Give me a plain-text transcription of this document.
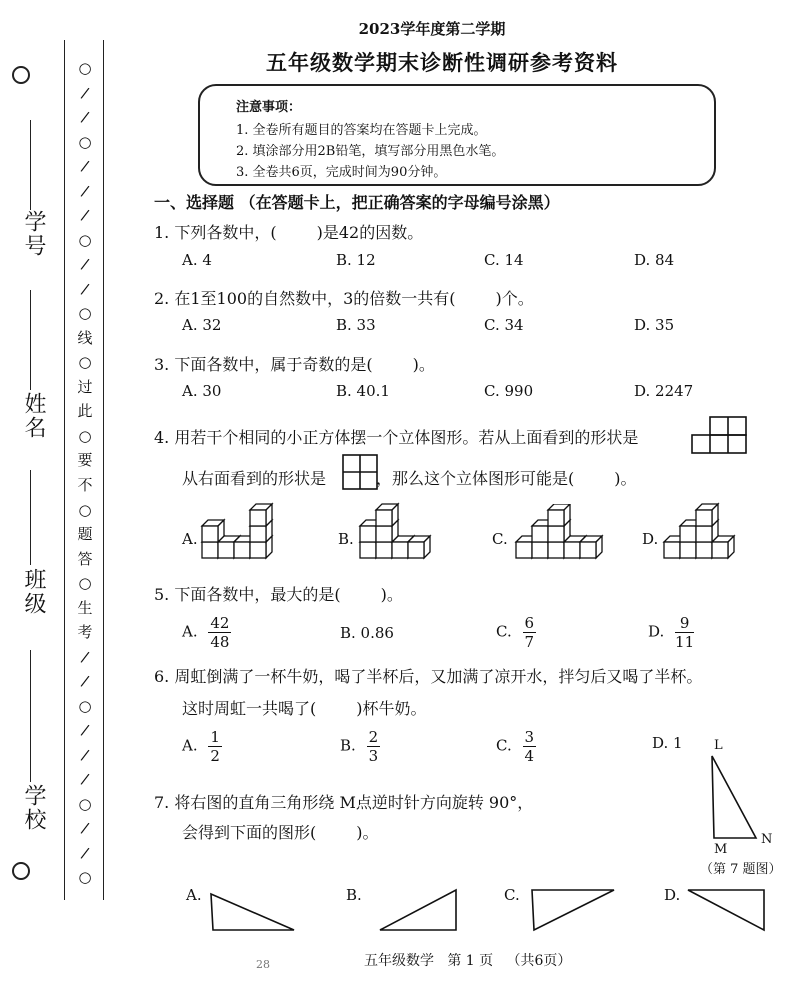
学号
姓名
班级
学校
○
/
/
○
/
/
/
○
/
/
○
线
○
过
此
○
要
不
○
题
答
○
生
考
/
/
○
/
/
/
○
/
/
○
2023学年度第二学期
五年级数学期末诊断性调研参考资料
注意事项：
1. 全卷所有题目的答案均在答题卡上完成。
2. 填涂部分用2B铅笔，填写部分用黑色水笔。
3. 全卷共6页，完成时间为90分钟。
一、选择题 （在答题卡上，把正确答案的字母编号涂黑）
1. 下列各数中，(	)是42的因数。
A. 4	B. 12	C. 14	D. 84
2. 在1至100的自然数中，3的倍数一共有(	)个。
A. 32	B. 33	C. 34	D. 35
3. 下面各数中，属于奇数的是(	)。
A. 30	B. 40.1	C. 990	D. 2247
4. 用若干个相同的小正方体摆一个立体图形。若从上面看到的形状是
从右面看到的形状是	，那么这个立体图形可能是(	)。
A.	B.	C.	D.
5. 下面各数中，最大的是(	)。
A. $\frac{42}{48}$	B. 0.86	C. $\frac{6}{7}$	D. $\frac{9}{11}$
6. 周虹倒满了一杯牛奶，喝了半杯后，又加满了凉开水，拌匀后又喝了半杯。
这时周虹一共喝了(	)杯牛奶。
A. $\frac{1}{2}$	B. $\frac{2}{3}$	C. $\frac{3}{4}$	D. 1
7. 将右图的直角三角形绕 M点逆时针方向旋转 90°，
会得到下面的图形(	)。
L
M
N
（第 7 题图）
A.	B.	C.	D.
五年级数学   第 1 页   （共6页）
28
